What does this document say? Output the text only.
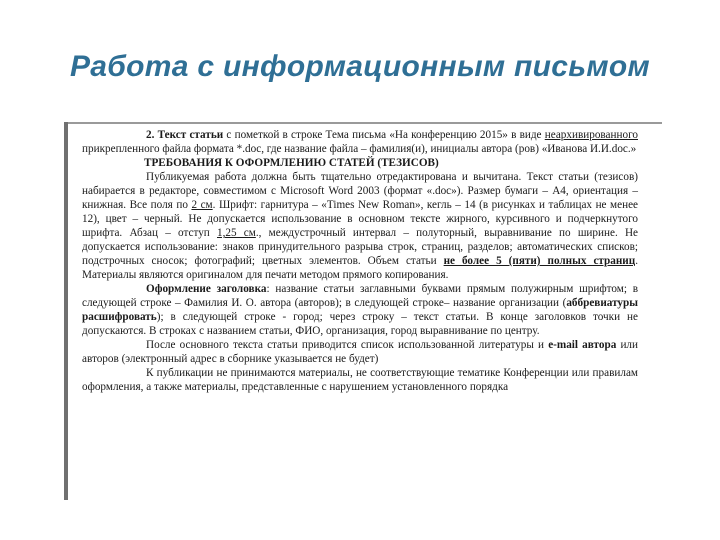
Работа с информационным письмом

2. Текст статьи с пометкой в строке Тема письма «На конференцию 2015» в виде неархивированного прикрепленного файла формата *.doc, где название файла – фамилия(и), инициалы автора (ров) «Иванова И.И.doc.»

ТРЕБОВАНИЯ К ОФОРМЛЕНИЮ СТАТЕЙ (ТЕЗИСОВ)

Публикуемая работа должна быть тщательно отредактирована и вычитана. Текст статьи (тезисов) набирается в редакторе, совместимом с Microsoft Word 2003 (формат «.doc»). Размер бумаги – А4, ориентация – книжная. Все поля по 2 см. Шрифт: гарнитура – «Times New Roman», кегль – 14 (в рисунках и таблицах не менее 12), цвет – черный. Не допускается использование в основном тексте жирного, курсивного и подчеркнутого шрифта. Абзац – отступ 1,25 см., междустрочный интервал – полуторный, выравнивание по ширине. Не допускается использование: знаков принудительного разрыва строк, страниц, разделов; автоматических списков; подстрочных сносок; фотографий; цветных элементов. Объем статьи не более 5 (пяти) полных страниц. Материалы являются оригиналом для печати методом прямого копирования.

Оформление заголовка: название статьи заглавными буквами прямым полужирным шрифтом; в следующей строке – Фамилия И. О. автора (авторов); в следующей строке– название организации (аббревиатуры расшифровать); в следующей строке - город; через строку – текст статьи. В конце заголовков точки не допускаются. В строках с названием статьи, ФИО, организация, город выравнивание по центру.

После основного текста статьи приводится список использованной литературы и e-mail автора или авторов (электронный адрес в сборнике указывается не будет)

К публикации не принимаются материалы, не соответствующие тематике Конференции или правилам оформления, а также материалы, представленные с нарушением установленного порядка
